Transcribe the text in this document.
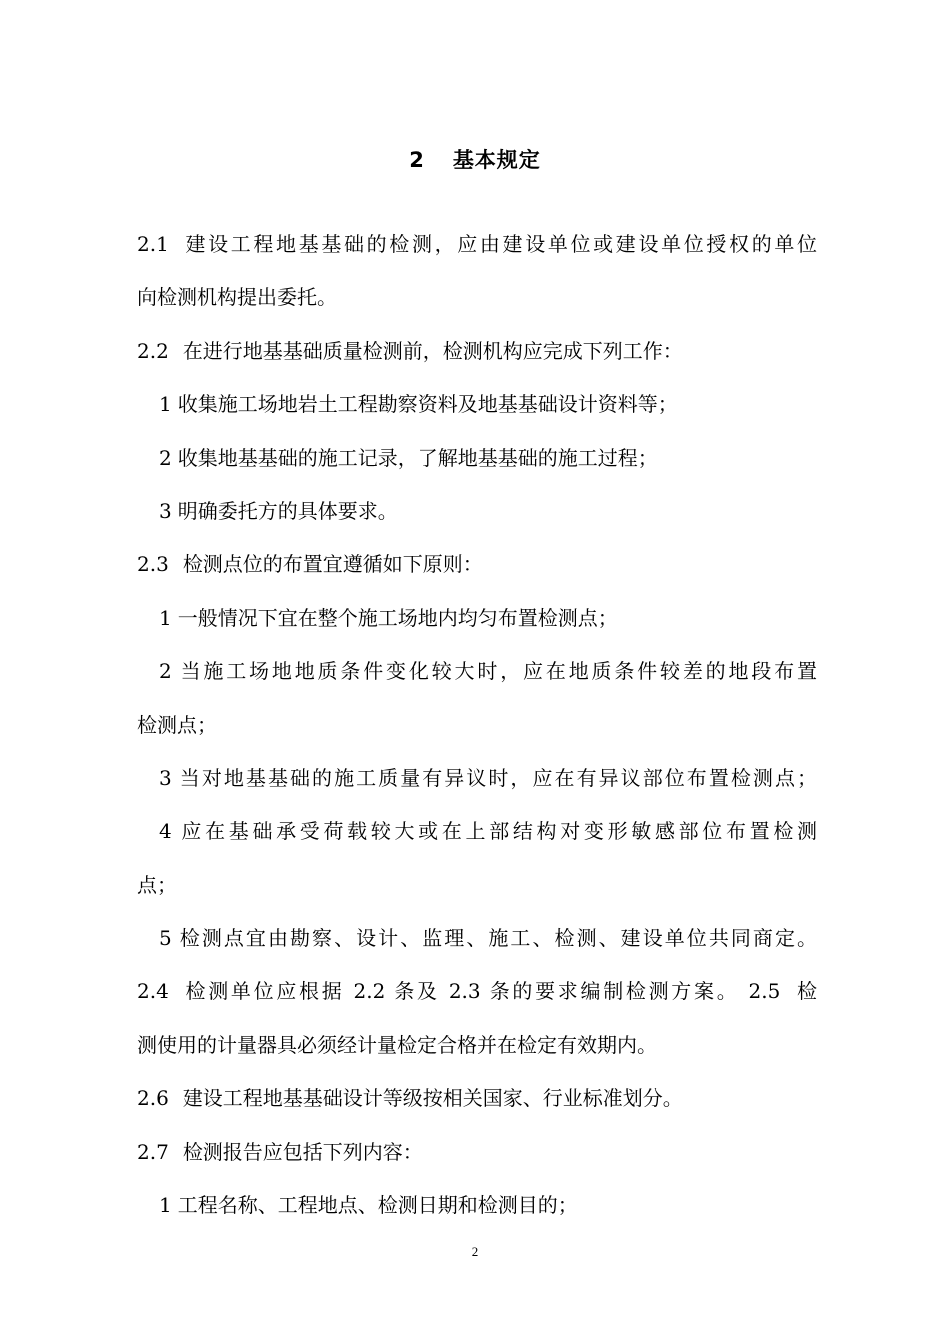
2 基本规定
2.1 建设工程地基基础的检测，应由建设单位或建设单位授权的单位
向检测机构提出委托。
2.2 在进行地基基础质量检测前，检测机构应完成下列工作：
1 收集施工场地岩土工程勘察资料及地基基础设计资料等；
2 收集地基基础的施工记录，了解地基基础的施工过程；
3 明确委托方的具体要求。
2.3 检测点位的布置宜遵循如下原则：
1 一般情况下宜在整个施工场地内均匀布置检测点；
2 当施工场地地质条件变化较大时，应在地质条件较差的地段布置
检测点；
3 当对地基基础的施工质量有异议时，应在有异议部位布置检测点；
4 应在基础承受荷载较大或在上部结构对变形敏感部位布置检测
点；
5 检测点宜由勘察、设计、监理、施工、检测、建设单位共同商定。
2.4 检测单位应根据 2.2 条及 2.3 条的要求编制检测方案。 2.5 检
测使用的计量器具必须经计量检定合格并在检定有效期内。
2.6 建设工程地基基础设计等级按相关国家、行业标准划分。
2.7 检测报告应包括下列内容：
1 工程名称、工程地点、检测日期和检测目的；
2
